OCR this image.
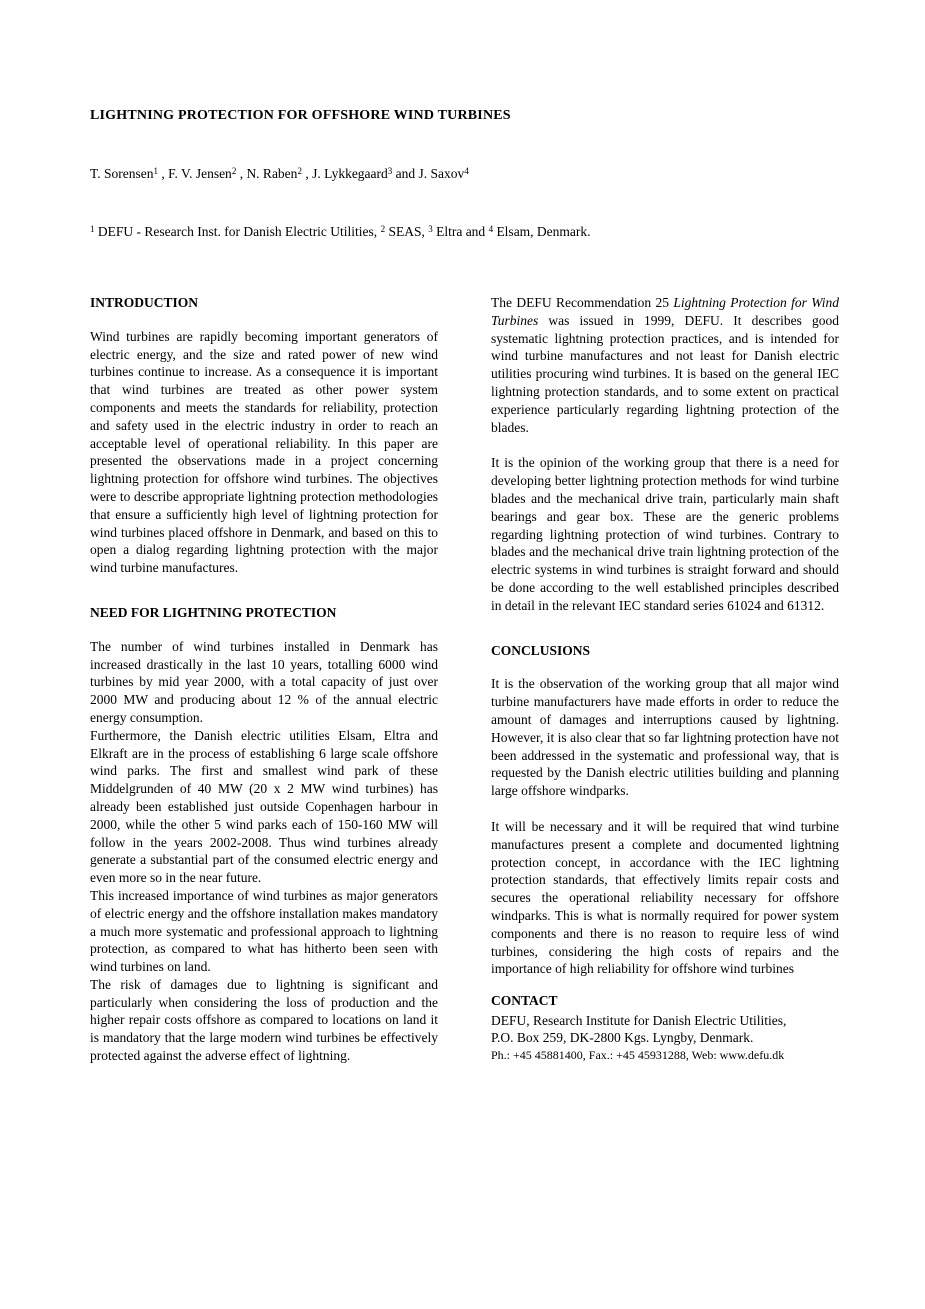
LIGHTNING PROTECTION FOR OFFSHORE WIND TURBINES
T. Sorensen$^1$ , F. V. Jensen$^2$ , N. Raben$^2$ , J. Lykkegaard$^3$ and J. Saxov$^4$
$^1$ DEFU - Research Inst. for Danish Electric Utilities, $^2$ SEAS, $^3$ Eltra and $^4$ Elsam, Denmark.
INTRODUCTION

Wind turbines are rapidly becoming important generators of electric energy, and the size and rated power of new wind turbines continue to increase. As a consequence it is important that wind turbines are treated as other power system components and meets the standards for reliability, protection and safety used in the electric industry in order to reach an acceptable level of operational reliability. In this paper are presented the observations made in a project concerning lightning protection for offshore wind turbines. The objectives were to describe appropriate lightning protection methodologies that ensure a sufficiently high level of lightning protection for wind turbines placed offshore in Denmark, and based on this to open a dialog regarding lightning protection with the major wind turbine manufactures.

NEED FOR LIGHTNING PROTECTION

The number of wind turbines installed in Denmark has increased drastically in the last 10 years, totalling 6000 wind turbines by mid year 2000, with a total capacity of just over 2000 MW and producing about 12 % of the annual electric energy consumption.

Furthermore, the Danish electric utilities Elsam, Eltra and Elkraft are in the process of establishing 6 large scale offshore wind parks. The first and smallest wind park of these Middelgrunden of 40 MW (20 x 2 MW wind turbines) has already been established just outside Copenhagen harbour in 2000, while the other 5 wind parks each of 150-160 MW will follow in the years 2002-2008. Thus wind turbines already generate a substantial part of the consumed electric energy and even more so in the near future.

This increased importance of wind turbines as major generators of electric energy and the offshore installation makes mandatory a much more systematic and professional approach to lightning protection, as compared to what has hitherto been seen with wind turbines on land.

The risk of damages due to lightning is significant and particularly when considering the loss of production and the higher repair costs offshore as compared to locations on land it is mandatory that the large modern wind turbines be effectively protected against the adverse effect of lightning.

The DEFU Recommendation 25 Lightning Protection for Wind Turbines was issued in 1999, DEFU. It describes good systematic lightning protection practices, and is intended for wind turbine manufactures and not least for Danish electric utilities procuring wind turbines. It is based on the general IEC lightning protection standards, and to some extent on practical experience particularly regarding lightning protection of the blades.

It is the opinion of the working group that there is a need for developing better lightning protection methods for wind turbine blades and the mechanical drive train, particularly main shaft bearings and gear box. These are the generic problems regarding lightning protection of wind turbines. Contrary to blades and the mechanical drive train lightning protection of the electric systems in wind turbines is straight forward and should be done according to the well established principles described in detail in the relevant IEC standard series 61024 and 61312.

CONCLUSIONS

It is the observation of the working group that all major wind turbine manufacturers have made efforts in order to reduce the amount of damages and interruptions caused by lightning. However, it is also clear that so far lightning protection have not been addressed in the systematic and professional way, that is requested by the Danish electric utilities building and planning large offshore windparks.

It will be necessary and it will be required that wind turbine manufactures present a complete and documented lightning protection concept, in accordance with the IEC lightning protection standards, that effectively limits repair costs and secures the operational reliability necessary for offshore windparks. This is what is normally required for power system components and there is no reason to require less of wind turbines, considering the high costs of repairs and the importance of high reliability for offshore wind turbines

CONTACT

DEFU, Research Institute for Danish Electric Utilities,

P.O. Box 259, DK-2800 Kgs. Lyngby, Denmark.

Ph.: +45 45881400, Fax.: +45 45931288, Web: www.defu.dk
